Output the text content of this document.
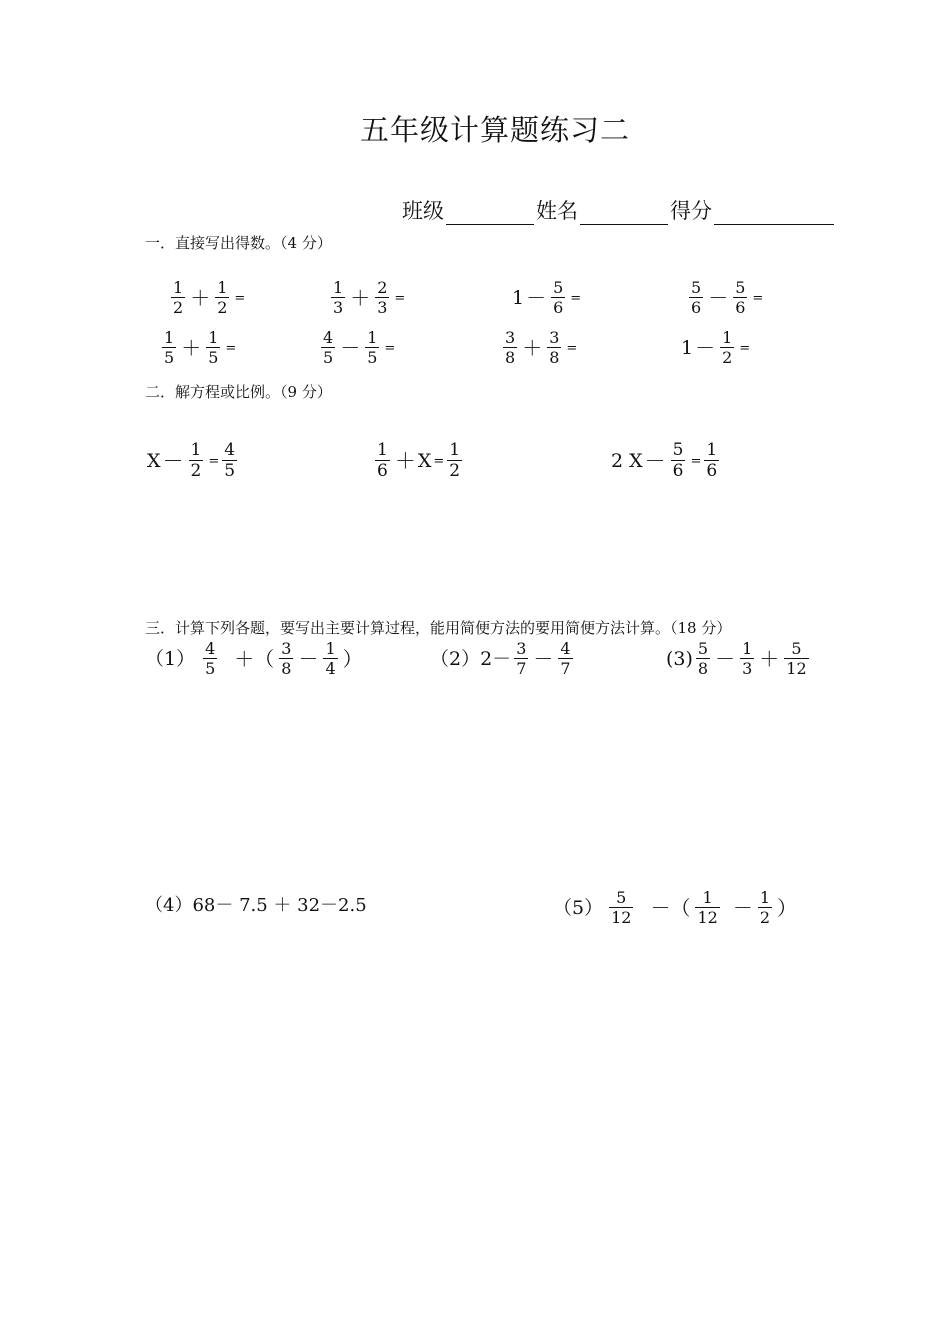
五年级计算题练习二
班级	姓名	得分
一．直接写出得数。（4 分）
$\frac{1}{2} + \frac{1}{2}$ =	$\frac{1}{3} + \frac{2}{3}$ =	$1 - \frac{5}{6}$ =	$\frac{5}{6} - \frac{5}{6}$ =
$\frac{1}{5} + \frac{1}{5}$ =	$\frac{4}{5} - \frac{1}{5}$ =	$\frac{3}{8} + \frac{3}{8}$ =	$1 - \frac{1}{2}$ =
二．解方程或比例。（9 分）
$X - \frac{1}{2} = \frac{4}{5}$	$\frac{1}{6} + X = \frac{1}{2}$	2 $X - \frac{5}{6} = \frac{1}{6}$
三．计算下列各题，要写出主要计算过程，能用简便方法的要用简便方法计算。（18 分）
$(1) \frac{4}{5}$ ＋（ $\frac{3}{8} - \frac{1}{4}$ ）	（2） $2- \frac{3}{7} - \frac{4}{7}$	$(3) \frac{5}{8} - \frac{1}{3} + \frac{5}{12}$
（4）68－ 7.5 ＋ 32－2.5	$(5) \frac{5}{12}$ －（ $\frac{1}{12} - \frac{1}{2}$ ）
